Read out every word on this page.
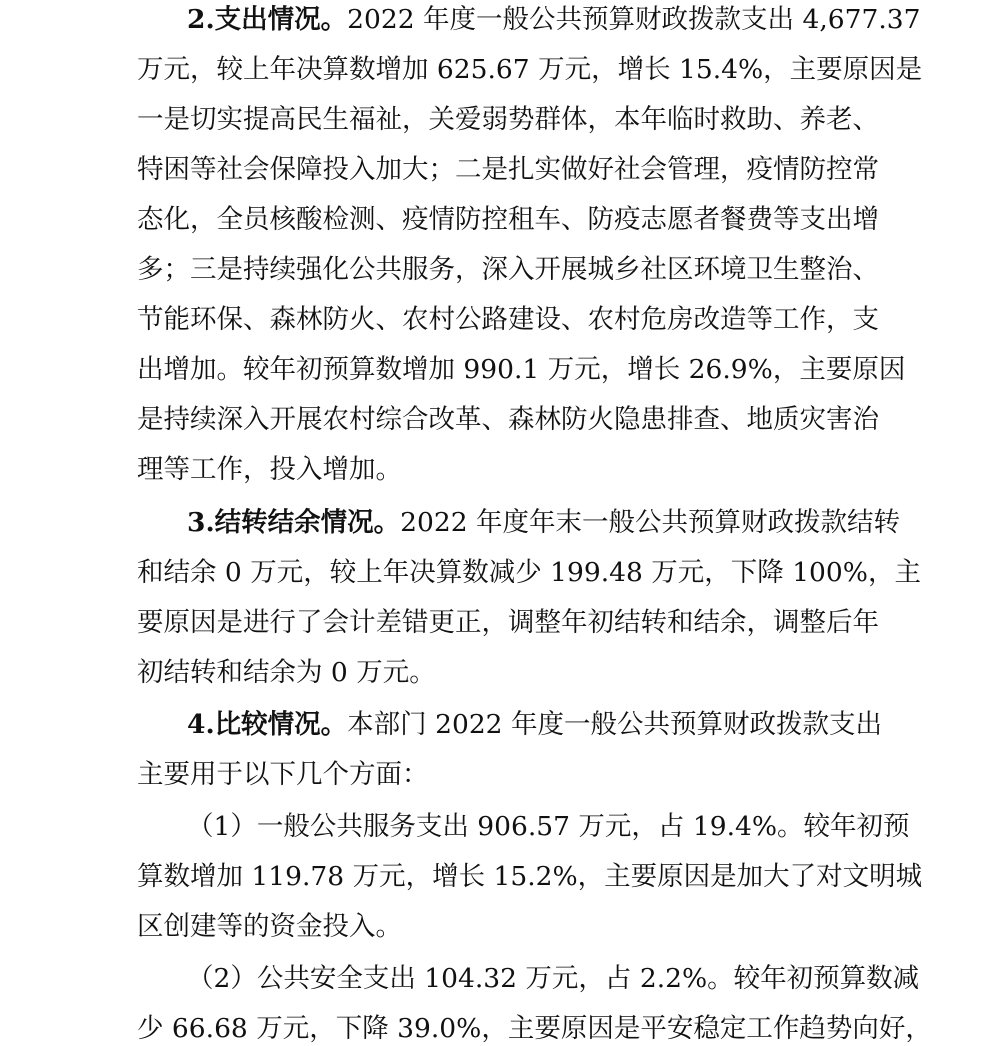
2.支出情况。2022 年度一般公共预算财政拨款支出 4,677.37
万元，较上年决算数增加 625.67 万元，增长 15.4%，主要原因是
一是切实提高民生福祉，关爱弱势群体，本年临时救助、养老、
特困等社会保障投入加大；二是扎实做好社会管理，疫情防控常
态化，全员核酸检测、疫情防控租车、防疫志愿者餐费等支出增
多；三是持续强化公共服务，深入开展城乡社区环境卫生整治、
节能环保、森林防火、农村公路建设、农村危房改造等工作，支
出增加。较年初预算数增加 990.1 万元，增长 26.9%，主要原因
是持续深入开展农村综合改革、森林防火隐患排查、地质灾害治
理等工作，投入增加。
3.结转结余情况。2022 年度年末一般公共预算财政拨款结转
和结余 0 万元，较上年决算数减少 199.48 万元，下降 100%，主
要原因是进行了会计差错更正，调整年初结转和结余，调整后年
初结转和结余为 0 万元。
4.比较情况。本部门 2022 年度一般公共预算财政拨款支出
主要用于以下几个方面：
（1）一般公共服务支出 906.57 万元，占 19.4%。较年初预
算数增加 119.78 万元，增长 15.2%，主要原因是加大了对文明城
区创建等的资金投入。
（2）公共安全支出 104.32 万元，占 2.2%。较年初预算数减
少 66.68 万元，下降 39.0%，主要原因是平安稳定工作趋势向好，
